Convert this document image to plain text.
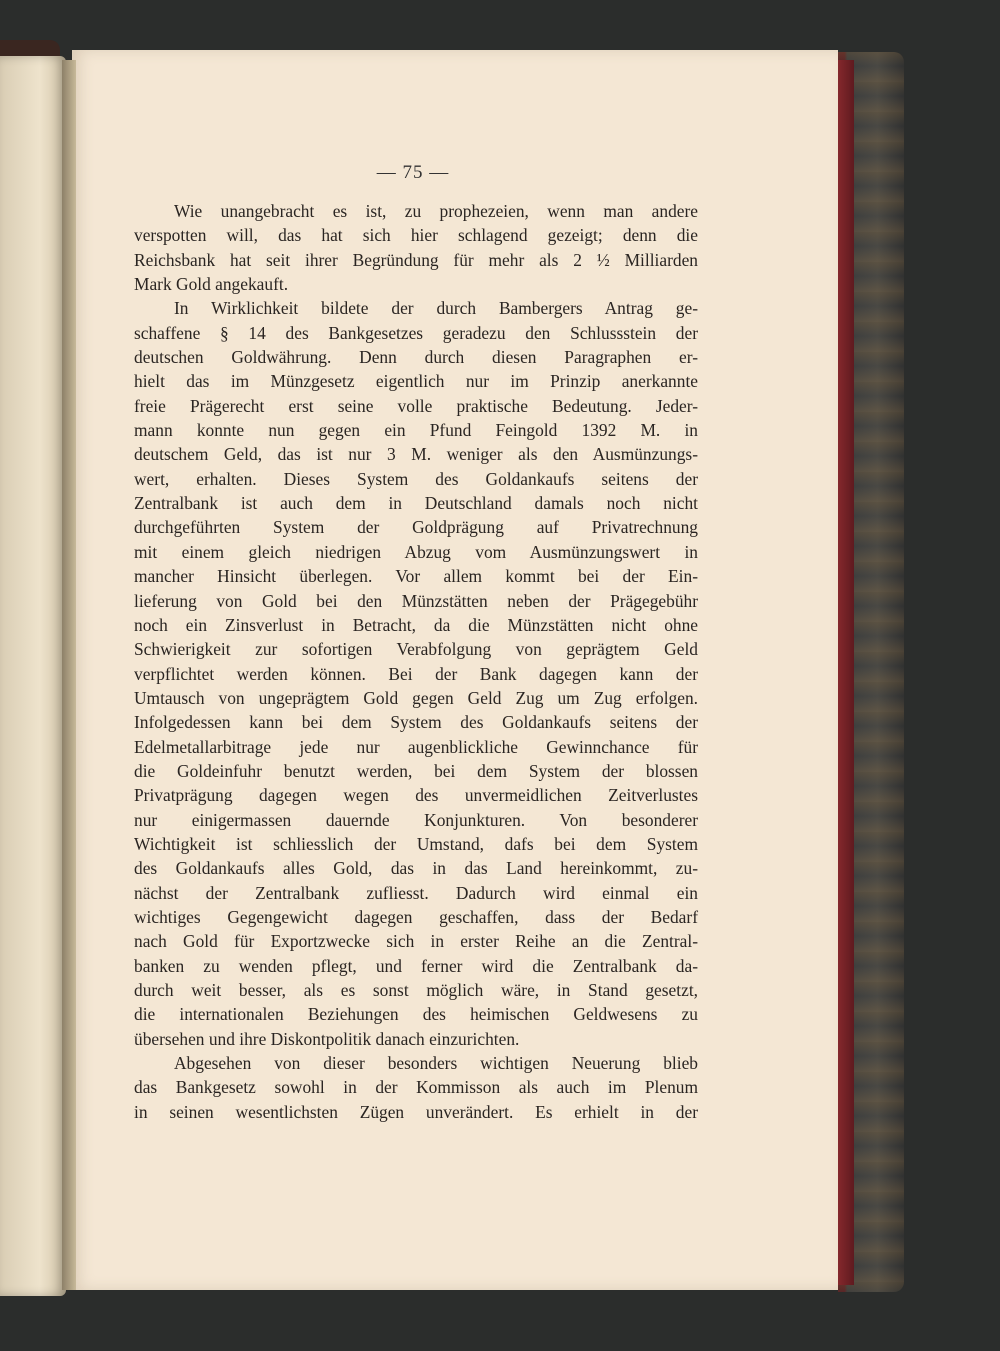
— 75 —
Wie unangebracht es ist, zu prophezeien, wenn man andere
verspotten will, das hat sich hier schlagend gezeigt; denn die
Reichsbank hat seit ihrer Begründung für mehr als 2 ½ Milliarden
Mark Gold angekauft.
In Wirklichkeit bildete der durch Bambergers Antrag ge-
schaffene § 14 des Bankgesetzes geradezu den Schlussstein der
deutschen Goldwährung. Denn durch diesen Paragraphen er-
hielt das im Münzgesetz eigentlich nur im Prinzip anerkannte
freie Prägerecht erst seine volle praktische Bedeutung. Jeder-
mann konnte nun gegen ein Pfund Feingold 1392 M. in
deutschem Geld, das ist nur 3 M. weniger als den Ausmünzungs-
wert, erhalten. Dieses System des Goldankaufs seitens der
Zentralbank ist auch dem in Deutschland damals noch nicht
durchgeführten System der Goldprägung auf Privatrechnung
mit einem gleich niedrigen Abzug vom Ausmünzungswert in
mancher Hinsicht überlegen. Vor allem kommt bei der Ein-
lieferung von Gold bei den Münzstätten neben der Prägegebühr
noch ein Zinsverlust in Betracht, da die Münzstätten nicht ohne
Schwierigkeit zur sofortigen Verabfolgung von geprägtem Geld
verpflichtet werden können. Bei der Bank dagegen kann der
Umtausch von ungeprägtem Gold gegen Geld Zug um Zug erfolgen.
Infolgedessen kann bei dem System des Goldankaufs seitens der
Edelmetallarbitrage jede nur augenblickliche Gewinnchance für
die Goldeinfuhr benutzt werden, bei dem System der blossen
Privatprägung dagegen wegen des unvermeidlichen Zeitverlustes
nur einigermassen dauernde Konjunkturen. Von besonderer
Wichtigkeit ist schliesslich der Umstand, dafs bei dem System
des Goldankaufs alles Gold, das in das Land hereinkommt, zu-
nächst der Zentralbank zufliesst. Dadurch wird einmal ein
wichtiges Gegengewicht dagegen geschaffen, dass der Bedarf
nach Gold für Exportzwecke sich in erster Reihe an die Zentral-
banken zu wenden pflegt, und ferner wird die Zentralbank da-
durch weit besser, als es sonst möglich wäre, in Stand gesetzt,
die internationalen Beziehungen des heimischen Geldwesens zu
übersehen und ihre Diskontpolitik danach einzurichten.
Abgesehen von dieser besonders wichtigen Neuerung blieb
das Bankgesetz sowohl in der Kommisson als auch im Plenum
in seinen wesentlichsten Zügen unverändert. Es erhielt in der
